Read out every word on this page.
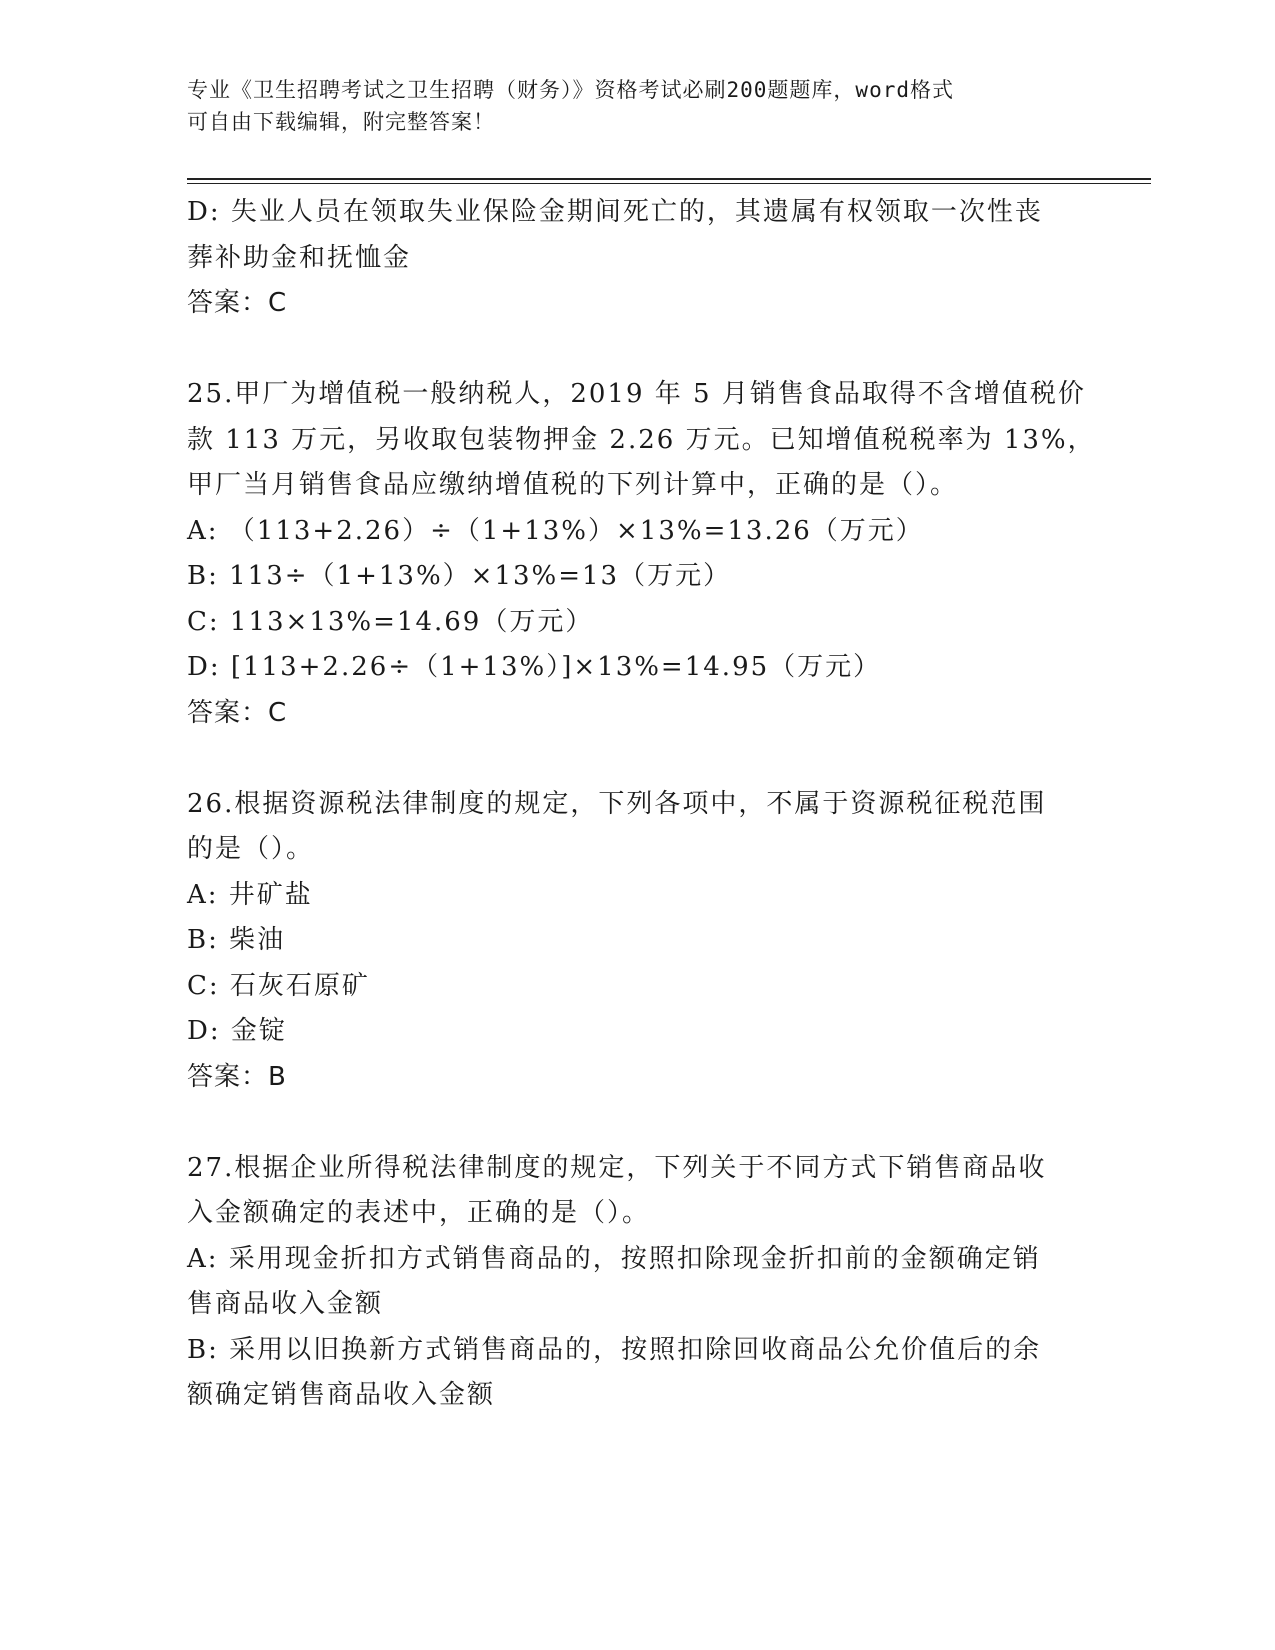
专业《卫生招聘考试之卫生招聘（财务）》资格考试必刷200题题库，word格式
可自由下载编辑，附完整答案！
D: 失业人员在领取失业保险金期间死亡的，其遗属有权领取一次性丧
葬补助金和抚恤金
答案：C
25.甲厂为增值税一般纳税人，2019 年 5 月销售食品取得不含增值税价
款 113 万元，另收取包装物押金 2.26 万元。已知增值税税率为 13%，
甲厂当月销售食品应缴纳增值税的下列计算中，正确的是（）。
A: （113+2.26）÷（1+13%）×13%=13.26（万元）
B: 113÷（1+13%）×13%=13（万元）
C: 113×13%=14.69（万元）
D: [113+2.26÷（1+13%）]×13%=14.95（万元）
答案：C
26.根据资源税法律制度的规定，下列各项中，不属于资源税征税范围
的是（）。
A: 井矿盐
B: 柴油
C: 石灰石原矿
D: 金锭
答案：B
27.根据企业所得税法律制度的规定，下列关于不同方式下销售商品收
入金额确定的表述中，正确的是（）。
A: 采用现金折扣方式销售商品的，按照扣除现金折扣前的金额确定销
售商品收入金额
B: 采用以旧换新方式销售商品的，按照扣除回收商品公允价值后的余
额确定销售商品收入金额
